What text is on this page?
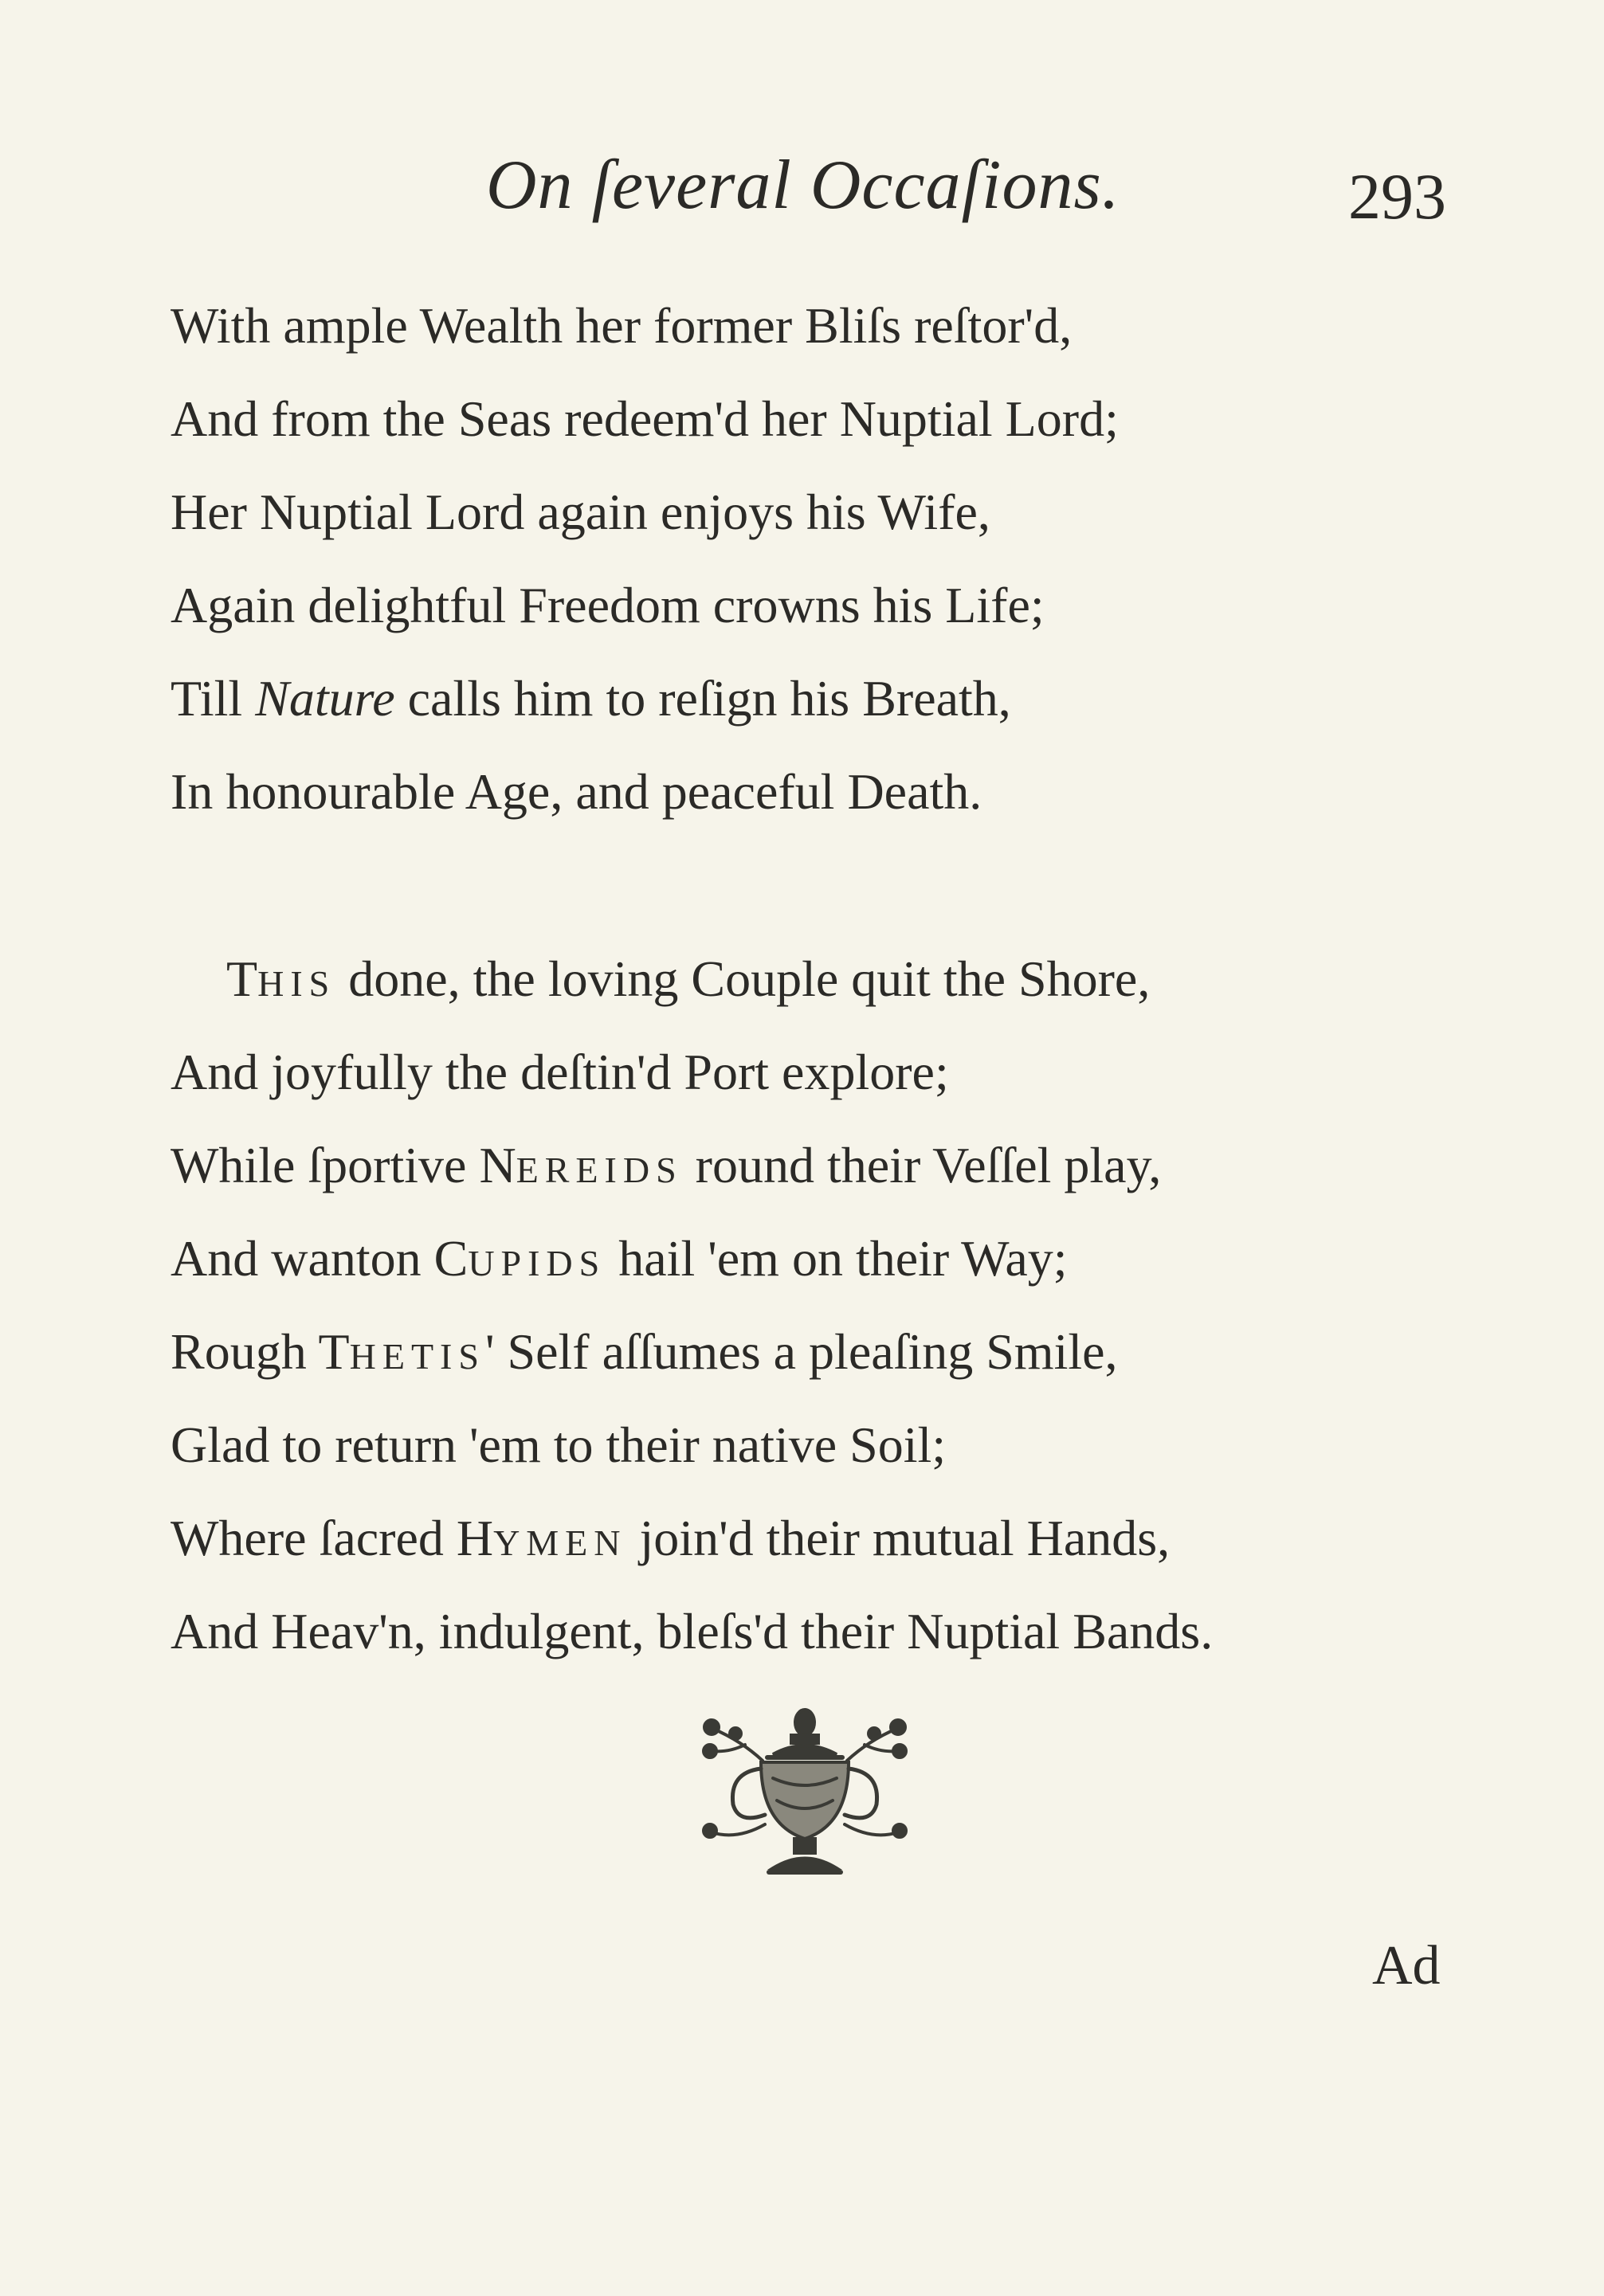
On ſeveral Occaſions.	293
With ample Wealth her former Bliſs reſtor'd,
And from the Seas redeem'd her Nuptial Lord;
Her Nuptial Lord again enjoys his Wife,
Again delightful Freedom crowns his Life;
Till Nature calls him to reſign his Breath,
In honourable Age, and peaceful Death.
THIS done, the loving Couple quit the Shore,
And joyfully the deſtin'd Port explore;
While ſportive NEREIDS round their Veſſel play,
And wanton CUPIDS hail 'em on their Way;
Rough THETIS' Self aſſumes a pleaſing Smile,
Glad to return 'em to their native Soil;
Where ſacred HYMEN join'd their mutual Hands,
And Heav'n, indulgent, bleſs'd their Nuptial Bands.
Ad
